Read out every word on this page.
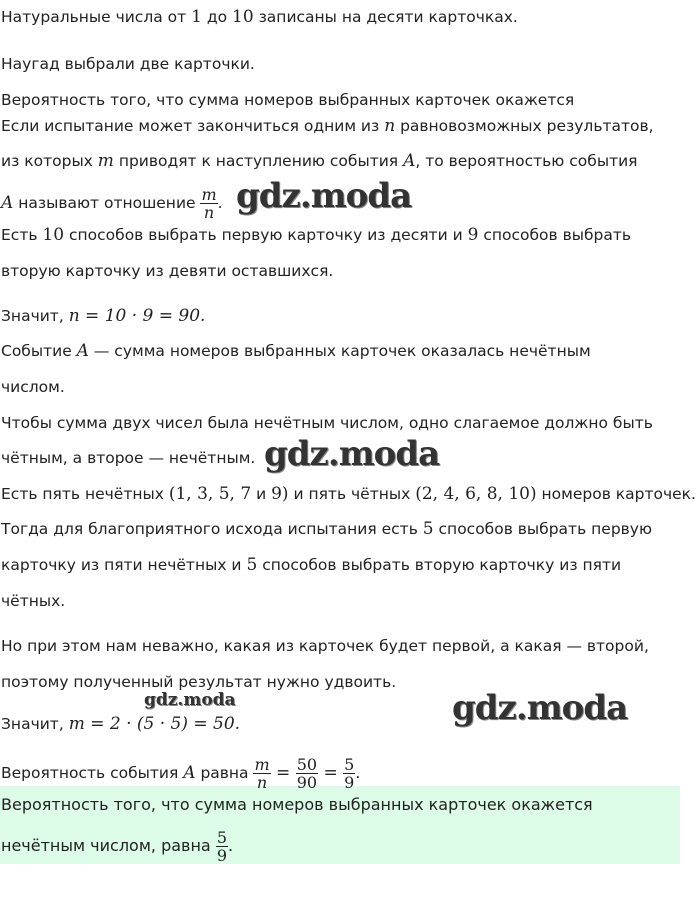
Натуральные числа от 1 до 10 записаны на десяти карточках.
Наугад выбрали две карточки.
Вероятность того, что сумма номеров выбранных карточек окажется
Если испытание может закончиться одним из n равновозможных результатов,
из которых m приводят к наступлению события A, то вероятностью события
A называют отношение $\frac{m}{n}$ .
Есть 10 способов выбрать первую карточку из десяти и 9 способов выбрать
вторую карточку из девяти оставшихся.
Значит, n = 10 · 9 = 90.
Событие A — сумма номеров выбранных карточек оказалась нечётным
числом.
Чтобы сумма двух чисел была нечётным числом, одно слагаемое должно быть
чётным, а второе — нечётным.
Есть пять нечётных (1, 3, 5, 7 и 9) и пять чётных (2, 4, 6, 8, 10) номеров карточек.
Тогда для благоприятного исхода испытания есть 5 способов выбрать первую
карточку из пяти нечётных и 5 способов выбрать вторую карточку из пяти
чётных.
Но при этом нам неважно, какая из карточек будет первой, а какая — второй,
поэтому полученный результат нужно удвоить.
Значит, m = 2 · (5 · 5) = 50.
Вероятность события A равна $\frac{m}{n} = \frac{50}{90} = \frac{5}{9}$ .
Вероятность того, что сумма номеров выбранных карточек окажется
нечётным числом, равна $\frac{5}{9}$ .
gdz.moda
gdz.moda
gdz.moda	gdz.moda
